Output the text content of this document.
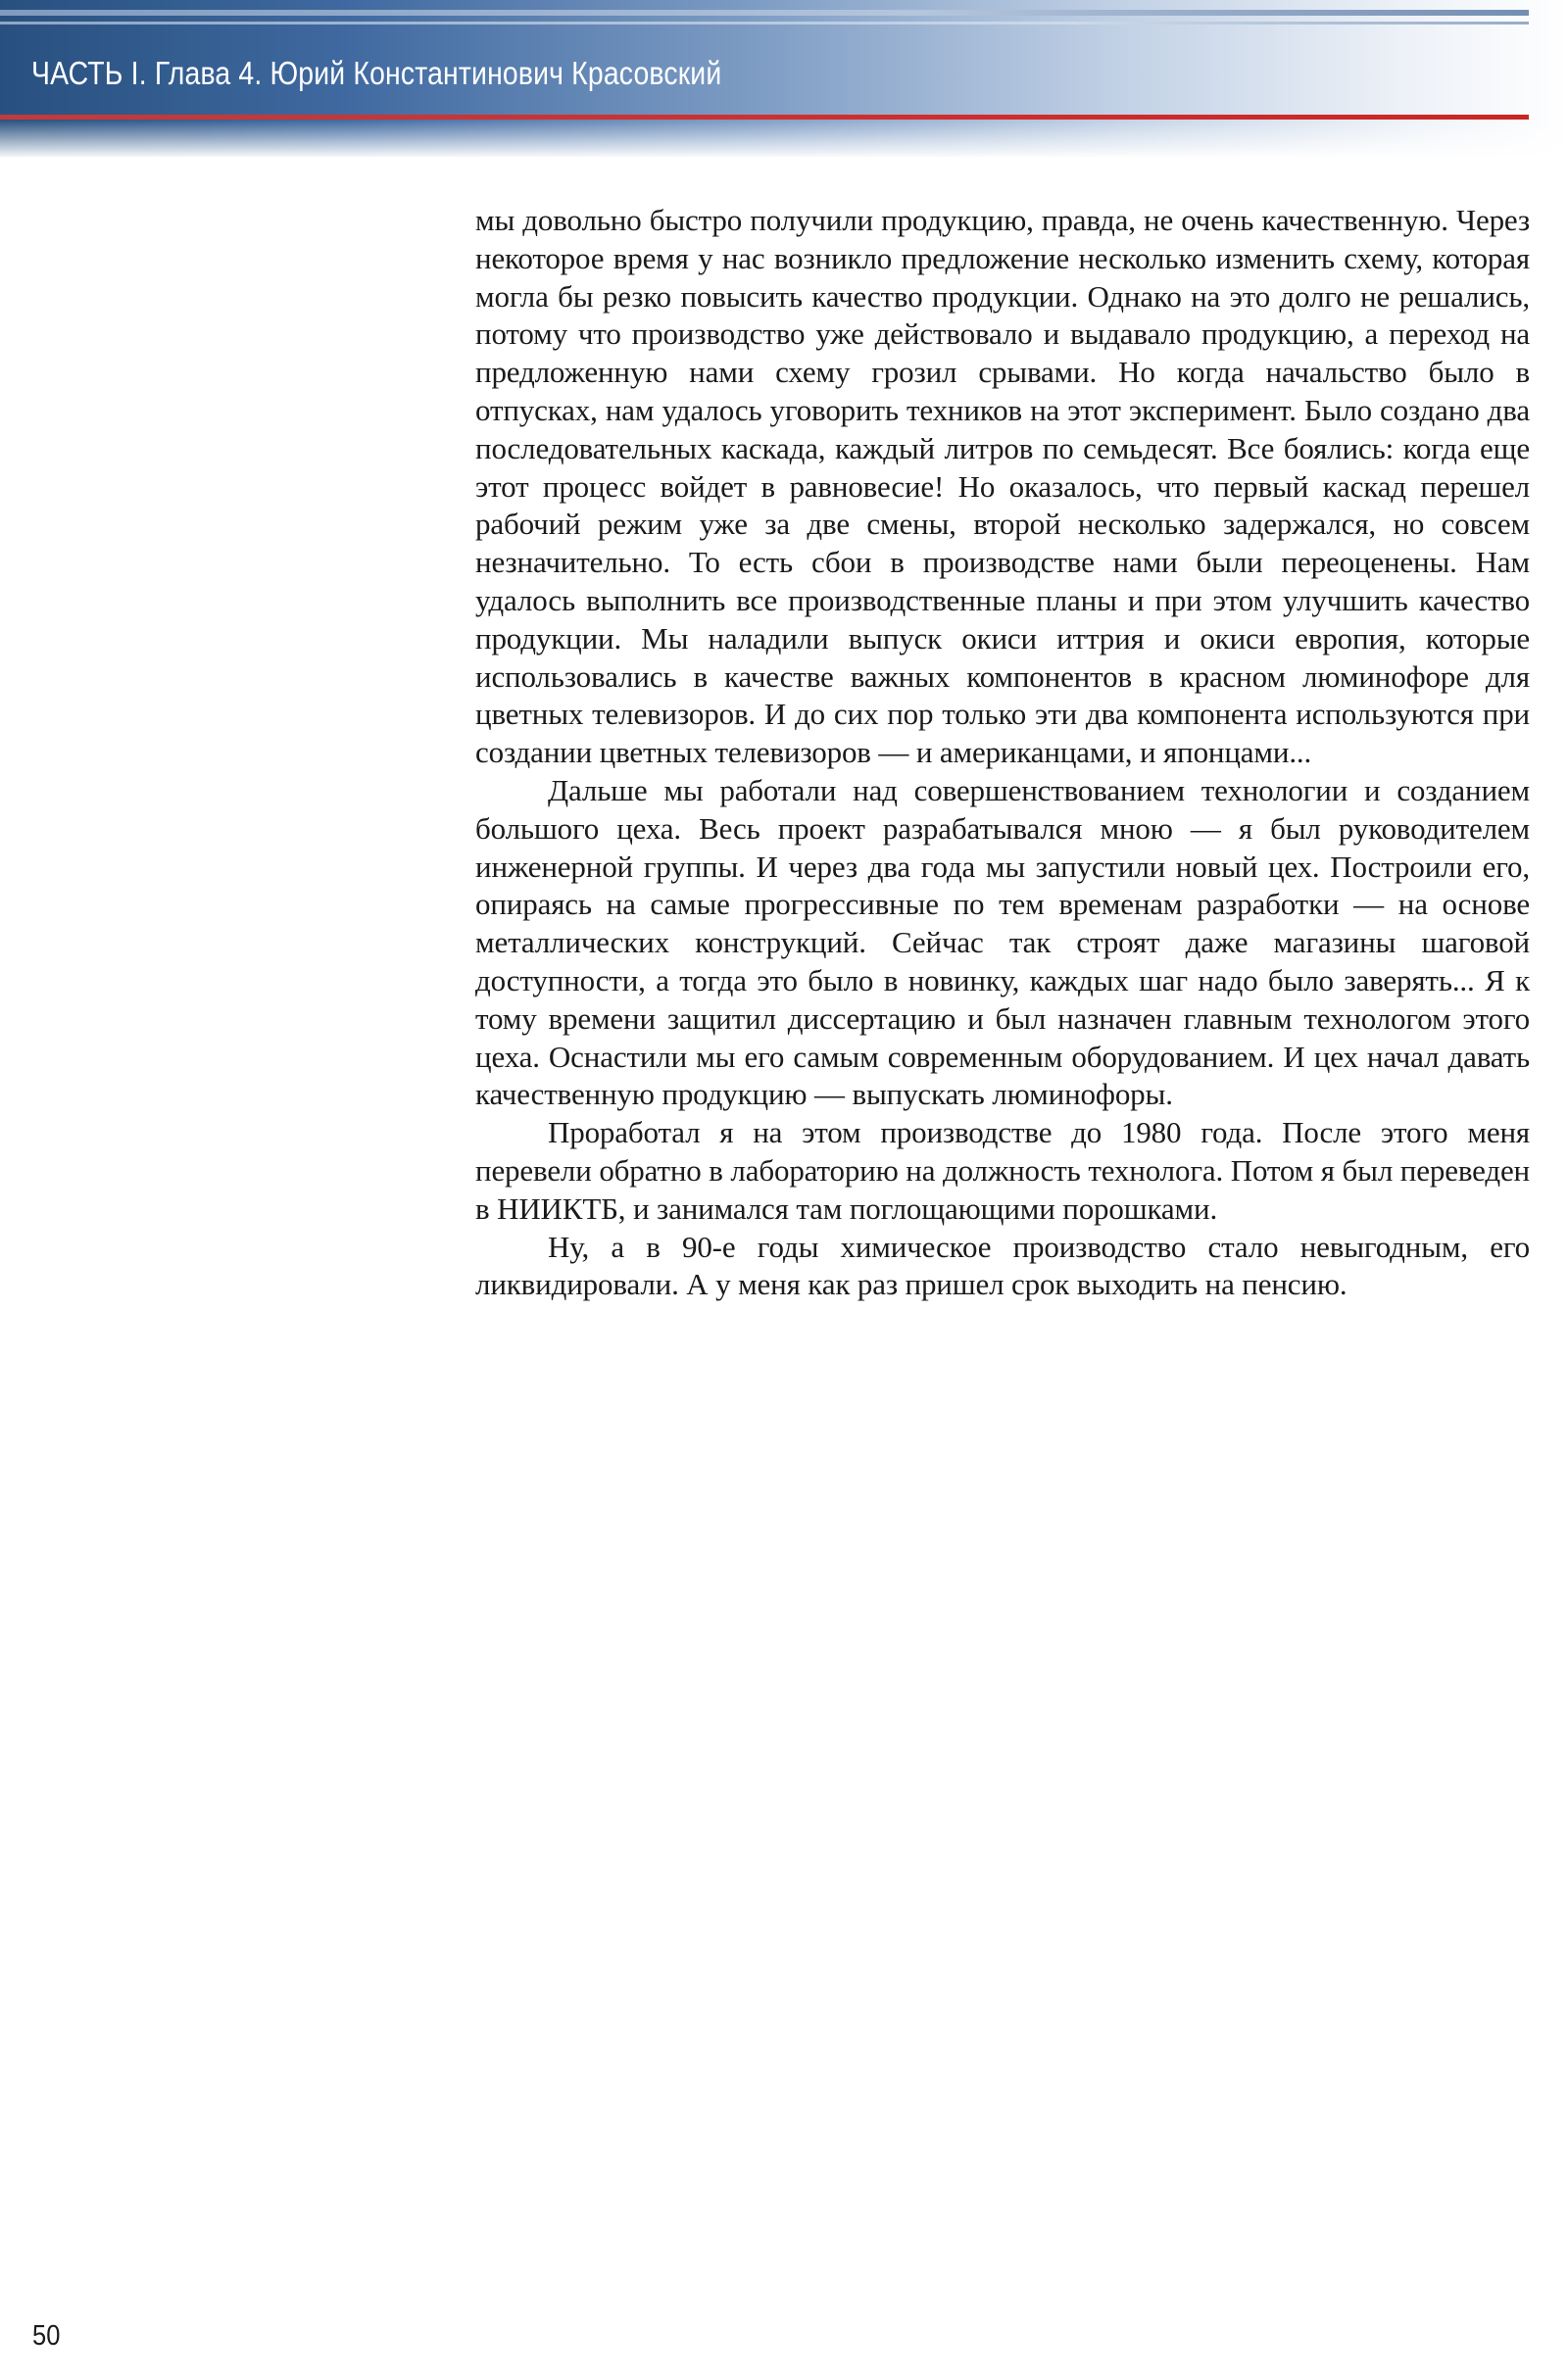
ЧАСТЬ I. Глава 4. Юрий Константинович Красовский

мы довольно быстро получили продукцию, правда, не очень качественную. Через некоторое время у нас возникло предложение несколько изменить схему, которая могла бы резко повысить качество продукции. Однако на это долго не решались, потому что производство уже действовало и выдавало продукцию, а переход на предложенную нами схему грозил срывами. Но когда начальство было в отпусках, нам удалось уговорить техников на этот эксперимент. Было создано два последовательных каскада, каждый литров по семьдесят. Все боялись: когда еще этот процесс войдет в равновесие! Но оказалось, что первый каскад перешел рабочий режим уже за две смены, второй несколько задержался, но совсем незначительно. То есть сбои в производстве нами были переоценены. Нам удалось выполнить все производственные планы и при этом улучшить качество продукции. Мы наладили выпуск окиси иттрия и окиси европия, которые использовались в качестве важных компонентов в красном люминофоре для цветных телевизоров. И до сих пор только эти два компонента используются при создании цветных телевизоров — и американцами, и японцами...

Дальше мы работали над совершенствованием технологии и созданием большого цеха. Весь проект разрабатывался мною — я был руководителем инженерной группы. И через два года мы запустили новый цех. Построили его, опираясь на самые прогрессивные по тем временам разработки — на основе металлических конструкций. Сейчас так строят даже магазины шаговой доступности, а тогда это было в новинку, каждых шаг надо было заверять... Я к тому времени защитил диссертацию и был назначен главным технологом этого цеха. Оснастили мы его самым современным оборудованием. И цех начал давать качественную продукцию — выпускать люминофоры.

Проработал я на этом производстве до 1980 года. После этого меня перевели обратно в лабораторию на должность технолога. Потом я был переведен в НИИКТБ, и занимался там поглощающими порошками.

Ну, а в 90-е годы химическое производство стало невыгодным, его ликвидировали. А у меня как раз пришел срок выходить на пенсию.

50
